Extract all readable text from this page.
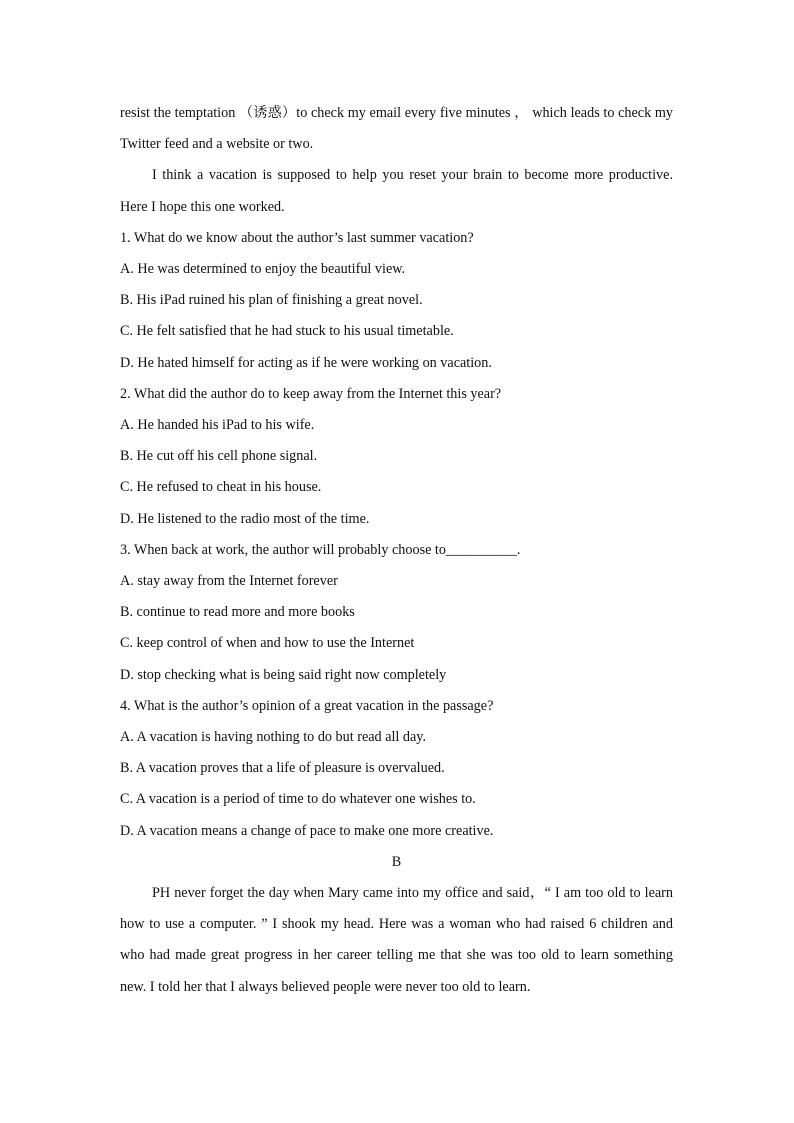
resist the temptation （诱惑）to check my email every five minutes ， which leads to check my Twitter feed and a website or two.

I think a vacation is supposed to help you reset your brain to become more productive. Here I hope this one worked.

1. What do we know about the author’s last summer vacation?

A. He was determined to enjoy the beautiful view.

B. His iPad ruined his plan of finishing a great novel.

C. He felt satisfied that he had stuck to his usual timetable.

D. He hated himself for acting as if he were working on vacation.

2. What did the author do to keep away from the Internet this year?

A. He handed his iPad to his wife.

B. He cut off his cell phone signal.

C. He refused to cheat in his house.

D. He listened to the radio most of the time.

3. When back at work, the author will probably choose to__________.

A. stay away from the Internet forever

B. continue to read more and more books

C. keep control of when and how to use the Internet

D. stop checking what is being said right now completely

4. What is the author’s opinion of a great vacation in the passage?

A. A vacation is having nothing to do but read all day.

B. A vacation proves that a life of pleasure is overvalued.

C. A vacation is a period of time to do whatever one wishes to.

D. A vacation means a change of pace to make one more creative.

B

PH never forget the day when Mary came into my office and said，“ I am too old to learn how to use a computer. ” I shook my head. Here was a woman who had raised 6 children and who had made great progress in her career telling me that she was too old to learn something new. I told her that I always believed people were never too old to learn.
